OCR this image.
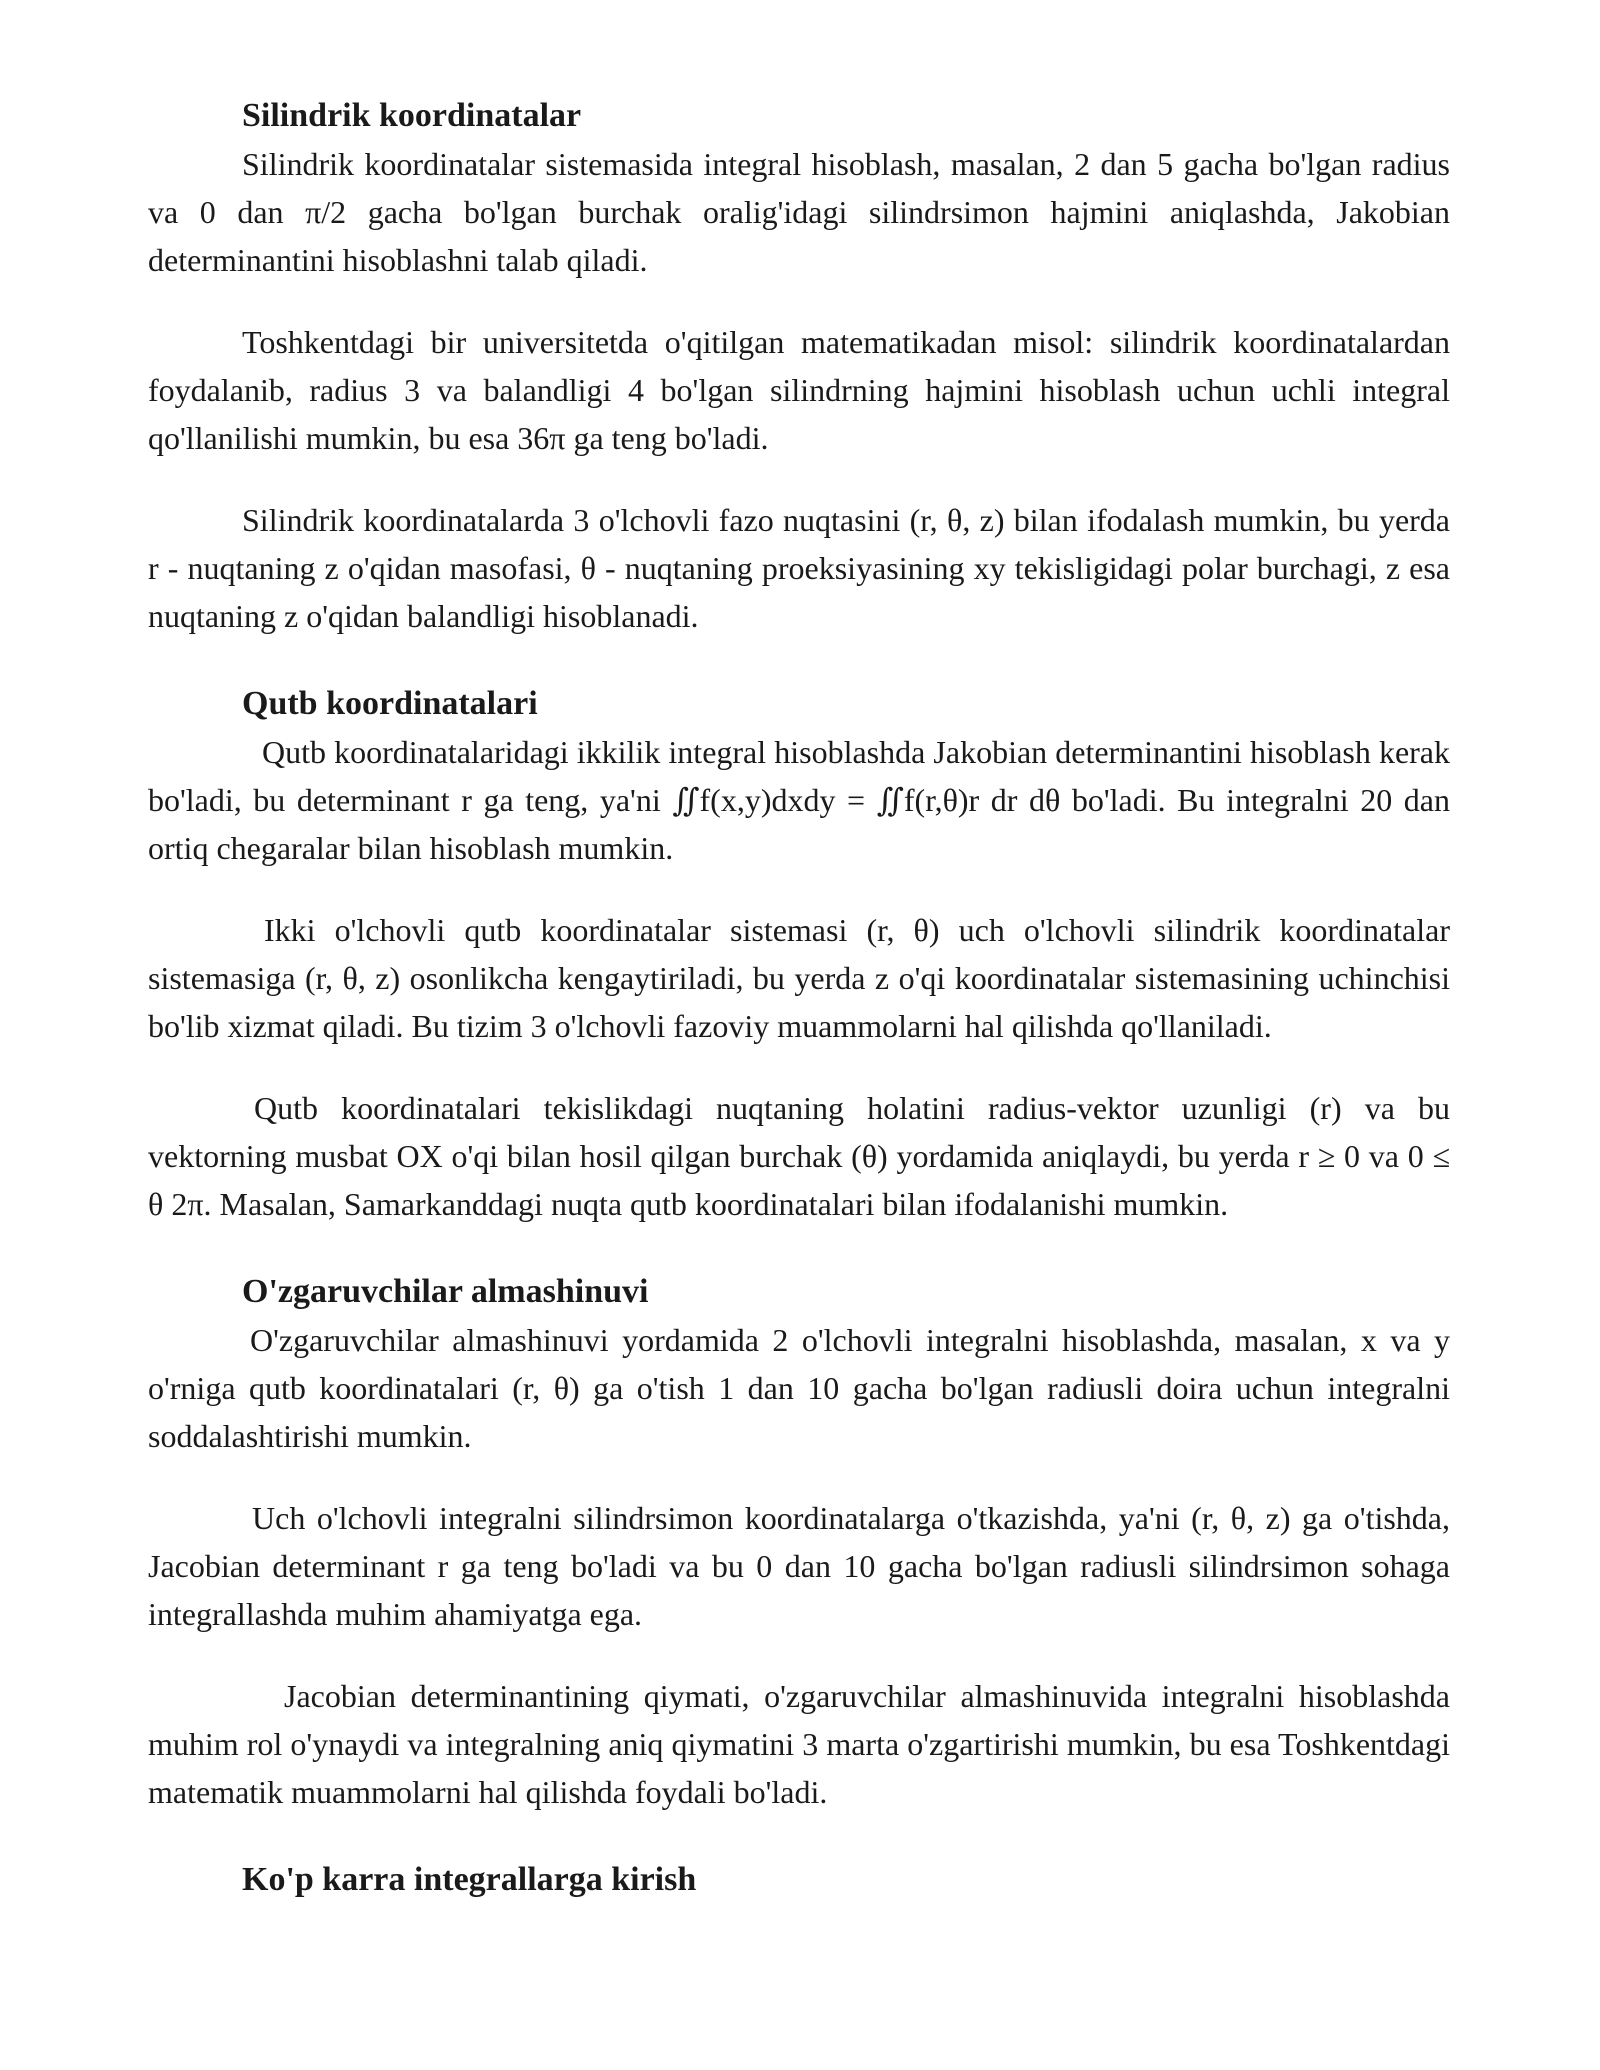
Silindrik koordinatalar

Silindrik koordinatalar sistemasida integral hisoblash, masalan, 2 dan 5 gacha bo'lgan radius va 0 dan π/2 gacha bo'lgan burchak oralig'idagi silindrsimon hajmini aniqlashda, Jakobian determinantini hisoblashni talab qiladi.

Toshkentdagi bir universitetda o'qitilgan matematikadan misol: silindrik koordinatalardan foydalanib, radius 3 va balandligi 4 bo'lgan silindrning hajmini hisoblash uchun uchli integral qo'llanilishi mumkin, bu esa 36π ga teng bo'ladi.

Silindrik koordinatalarda 3 o'lchovli fazo nuqtasini (r, θ, z) bilan ifodalash mumkin, bu yerda r - nuqtaning z o'qidan masofasi, θ - nuqtaning proeksiyasining xy tekisligidagi polar burchagi, z esa nuqtaning z o'qidan balandligi hisoblanadi.

Qutb koordinatalari

Qutb koordinatalaridagi ikkilik integral hisoblashda Jakobian determinantini hisoblash kerak bo'ladi, bu determinant r ga teng, ya'ni ∬f(x,y)dxdy = ∬f(r,θ)r dr dθ bo'ladi. Bu integralni 20 dan ortiq chegaralar bilan hisoblash mumkin.

Ikki o'lchovli qutb koordinatalar sistemasi (r, θ) uch o'lchovli silindrik koordinatalar sistemasiga (r, θ, z) osonlikcha kengaytiriladi, bu yerda z o'qi koordinatalar sistemasining uchinchisi bo'lib xizmat qiladi. Bu tizim 3 o'lchovli fazoviy muammolarni hal qilishda qo'llaniladi.

Qutb koordinatalari tekislikdagi nuqtaning holatini radius-vektor uzunligi (r) va bu vektorning musbat OX o'qi bilan hosil qilgan burchak (θ) yordamida aniqlaydi, bu yerda r ≥ 0 va 0 ≤ θ 2π. Masalan, Samarkanddagi nuqta qutb koordinatalari bilan ifodalanishi mumkin.

O'zgaruvchilar almashinuvi

O'zgaruvchilar almashinuvi yordamida 2 o'lchovli integralni hisoblashda, masalan, x va y o'rniga qutb koordinatalari (r, θ) ga o'tish 1 dan 10 gacha bo'lgan radiusli doira uchun integralni soddalashtirishi mumkin.

Uch o'lchovli integralni silindrsimon koordinatalarga o'tkazishda, ya'ni (r, θ, z) ga o'tishda, Jacobian determinant r ga teng bo'ladi va bu 0 dan 10 gacha bo'lgan radiusli silindrsimon sohaga integrallashda muhim ahamiyatga ega.

Jacobian determinantining qiymati, o'zgaruvchilar almashinuvida integralni hisoblashda muhim rol o'ynaydi va integralning aniq qiymatini 3 marta o'zgartirishi mumkin, bu esa Toshkentdagi matematik muammolarni hal qilishda foydali bo'ladi.

Ko'p karra integrallarga kirish
